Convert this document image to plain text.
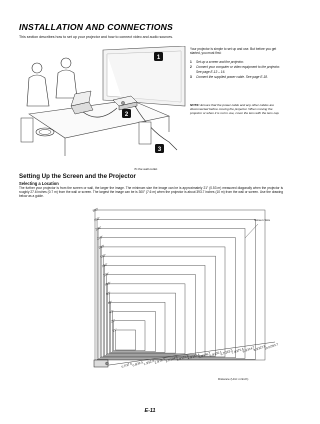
INSTALLATION AND CONNECTIONS
This section describes how to set up your projector and how to connect video and audio sources.
1
2
3
To the wall outlet.
Your projector is simple to set up and use. But before you get started, you must first:
1 Set up a screen and the projector.
2 Connect your computer or video equipment to the projector. See page E-13 – 16.
3 Connect the supplied power cable. See page E-18.
NOTE: Ensure that the power cable and any other cables are disconnected before moving the projector. When moving the projector or when it is not in use, cover the lens with the lens cap.
Setting Up the Screen and the Projector
Selecting a Location
The further your projector is from the screen or wall, the larger the image. The minimum size the image can be is approximately 21" (0.53 m) measured diagonally when the projector is roughly 27.6 inches (0.7 m) from the wall or screen. The largest the image can be is 300" (7.6 m) when the projector is about 393.7 inches (10 m) from the wall or screen. Use the drawing below as a guide.
300"
10.0/393.7
250"
8.3/327.8
240"
8.0/314.7
210"
7.0/275.4
200"
6.7/262.3
180"
6.0/236.1
150"
5.0/196.7
120"
4.0/157.4
100"
3.3/131.2
80"
2.7/104.9
60"
2.0/78.7
40"
1.3/52.4
25"
0.8/32.5
21"
0.7/27.6
Screen Size
Distance (Unit: m/inch)
E-11
